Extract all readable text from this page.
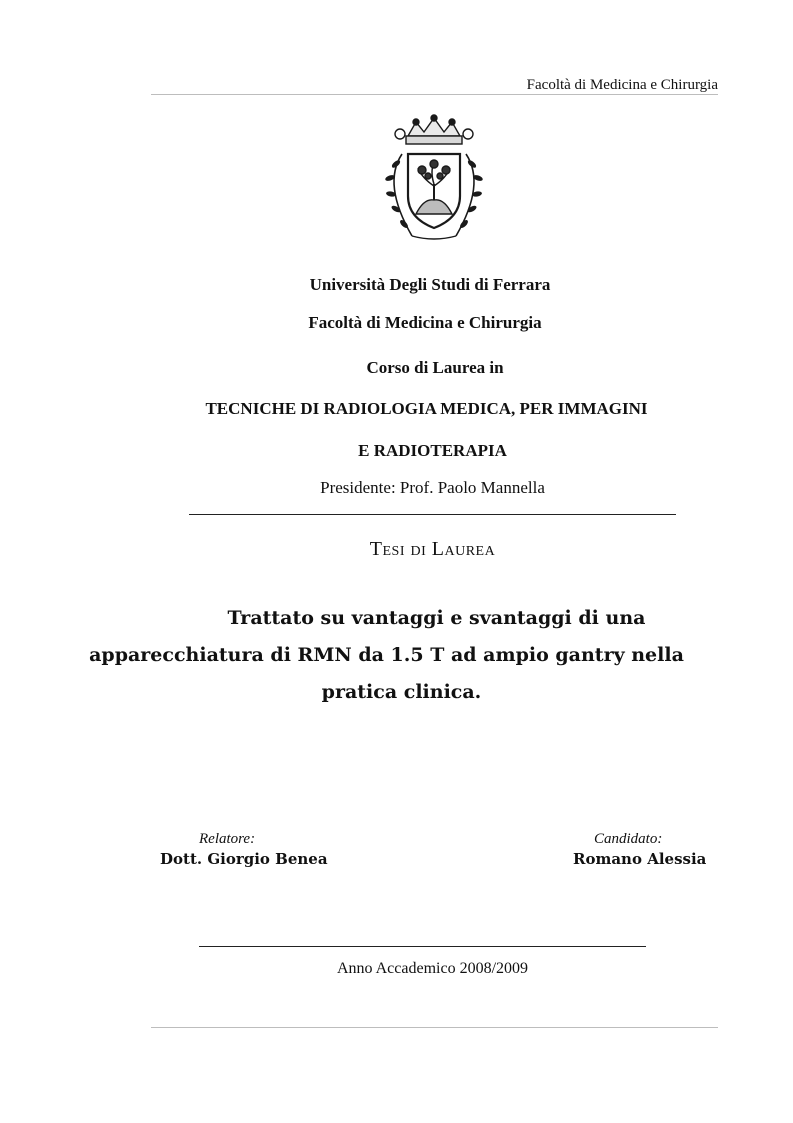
Facoltà di Medicina e Chirurgia
Università Degli Studi di Ferrara
Facoltà di Medicina e Chirurgia
Corso di Laurea in
TECNICHE DI RADIOLOGIA MEDICA, PER IMMAGINI
E RADIOTERAPIA
Presidente: Prof. Paolo Mannella
Tesi di Laurea
Trattato su vantaggi e svantaggi di una
apparecchiatura di RMN da 1.5 T ad ampio gantry nella
pratica clinica.
Relatore:
Dott. Giorgio Benea
Candidato:
Romano Alessia
Anno Accademico 2008/2009
